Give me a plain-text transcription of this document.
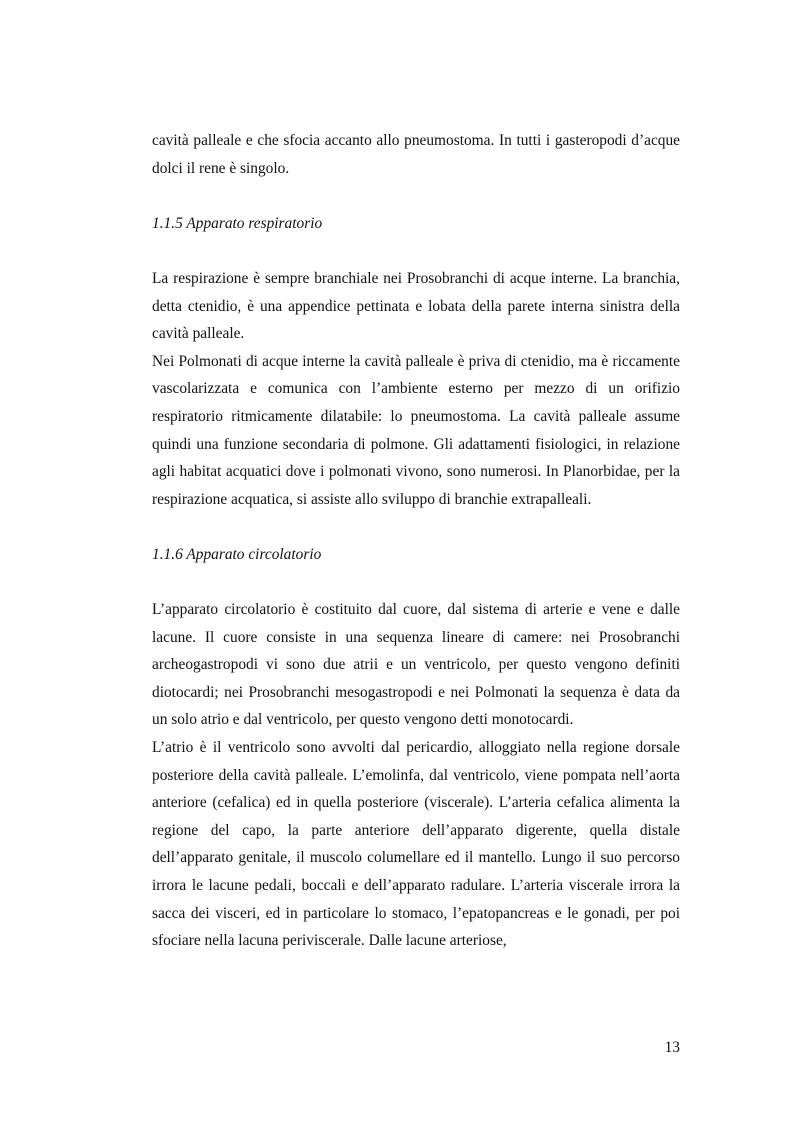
cavità palleale e che sfocia accanto allo pneumostoma. In tutti i gasteropodi d’acque dolci il rene è singolo.

1.1.5 Apparato respiratorio

La respirazione è sempre branchiale nei Prosobranchi di acque interne. La branchia, detta ctenidio, è una appendice pettinata e lobata della parete interna sinistra della cavità palleale.

Nei Polmonati di acque interne la cavità palleale è priva di ctenidio, ma è riccamente vascolarizzata e comunica con l’ambiente esterno per mezzo di un orifizio respiratorio ritmicamente dilatabile: lo pneumostoma. La cavità palleale assume quindi una funzione secondaria di polmone. Gli adattamenti fisiologici, in relazione agli habitat acquatici dove i polmonati vivono, sono numerosi. In Planorbidae, per la respirazione acquatica, si assiste allo sviluppo di branchie extrapalleali.

1.1.6 Apparato circolatorio

L’apparato circolatorio è costituito dal cuore, dal sistema di arterie e vene e dalle lacune. Il cuore consiste in una sequenza lineare di camere: nei Prosobranchi archeogastropodi vi sono due atrii e un ventricolo, per questo vengono definiti diotocardi; nei Prosobranchi mesogastropodi e nei Polmonati la sequenza è data da un solo atrio e dal ventricolo, per questo vengono detti monotocardi.

L’atrio è il ventricolo sono avvolti dal pericardio, alloggiato nella regione dorsale posteriore della cavità palleale. L’emolinfa, dal ventricolo, viene pompata nell’aorta anteriore (cefalica) ed in quella posteriore (viscerale). L’arteria cefalica alimenta la regione del capo, la parte anteriore dell’apparato digerente, quella distale dell’apparato genitale, il muscolo columellare ed il mantello. Lungo il suo percorso irrora le lacune pedali, boccali e dell’apparato radulare. L’arteria viscerale irrora la sacca dei visceri, ed in particolare lo stomaco, l’epatopancreas e le gonadi, per poi sfociare nella lacuna periviscerale. Dalle lacune arteriose,

13
